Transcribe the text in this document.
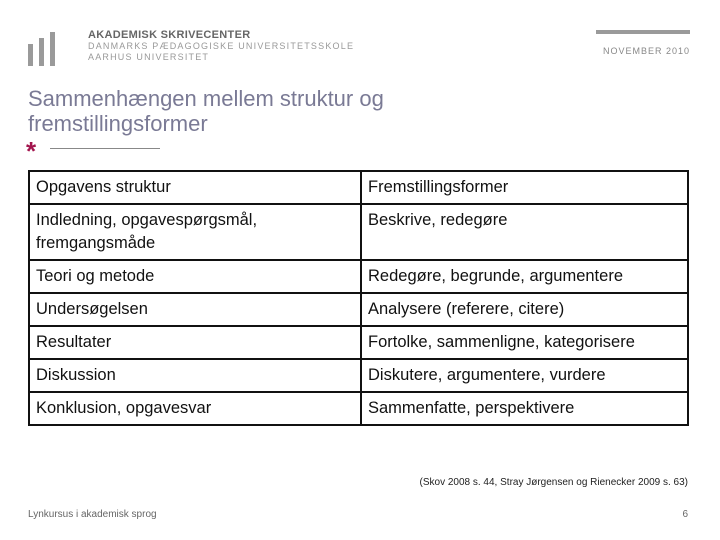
AKADEMISK SKRIVECENTER
DANMARKS PÆDAGOGISKE UNIVERSITETSSKOLE
AARHUS UNIVERSITET
NOVEMBER 2010
Sammenhængen mellem struktur og
fremstillingsformer
*
Opgavens struktur	Fremstillingsformer
Indledning, opgavespørgsmål, fremgangsmåde	Beskrive, redegøre
Teori og metode	Redegøre, begrunde, argumentere
Undersøgelsen	Analysere (referere, citere)
Resultater	Fortolke, sammenligne, kategorisere
Diskussion	Diskutere, argumentere, vurdere
Konklusion, opgavesvar	Sammenfatte, perspektivere
(Skov 2008 s. 44, Stray Jørgensen og Rienecker 2009 s. 63)
Lynkursus i akademisk sprog	6
